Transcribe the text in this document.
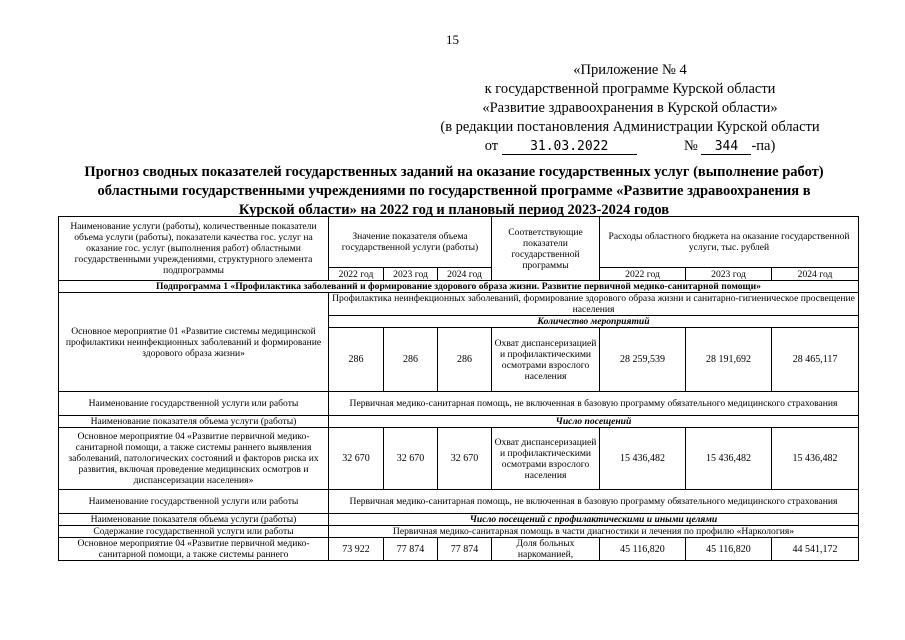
15
«Приложение № 4
к государственной программе Курской области
«Развитие здравоохранения в Курской области»
(в редакции постановления Администрации Курской области
от 31.03.2022	№ 344 -па)
Прогноз сводных показателей государственных заданий на оказание государственных услуг (выполнение работ)
областными государственными учреждениями по государственной программе «Развитие здравоохранения в
Курской области» на 2022 год и плановый период 2023-2024 годов
Наименование услуги (работы), количественные показатели объема услуги (работы), показатели качества гос. услуг на оказание гос. услуг (выполнения работ) областными государственными учреждениями, структурного элемента подпрограммы	Значение показателя объема государственной услуги (работы)			Соответствующие показатели государственной программы	Расходы областного бюджета на оказание государственной услуги, тыс. рублей		
	2022 год	2023 год	2024 год		2022 год	2023 год	2024 год
Подпрограмма 1 «Профилактика заболеваний и формирование здорового образа жизни. Развитие первичной медико-санитарной помощи»							
Основное мероприятие 01 «Развитие системы медицинской профилактики неинфекционных заболеваний и формирование здорового образа жизни»	Профилактика неинфекционных заболеваний, формирование здорового образа жизни и санитарно-гигиеническое просвещение населения						
	Количество мероприятий						
	286	286	286	Охват диспансеризацией и профилактическими осмотрами взрослого населения	28 259,539	28 191,692	28 465,117
Наименование государственной услуги или работы	Первичная медико-санитарная помощь, не включенная в базовую программу обязательного медицинского страхования						
Наименование показателя объема услуги (работы)	Число посещений						
Основное мероприятие 04 «Развитие первичной медико-санитарной помощи, а также системы раннего выявления заболеваний, патологических состояний и факторов риска их развития, включая проведение медицинских осмотров и диспансеризации населения»	32 670	32 670	32 670	Охват диспансеризацией и профилактическими осмотрами взрослого населения	15 436,482	15 436,482	15 436,482
Наименование государственной услуги или работы	Первичная медико-санитарная помощь, не включенная в базовую программу обязательного медицинского страхования						
Наименование показателя объема услуги (работы)	Число посещений с профилактическими и иными целями						
Содержание государственной услуги или работы	Первичная медико-санитарная помощь в части диагностики и лечения по профилю «Наркология»						
Основное мероприятие 04 «Развитие первичной медико-санитарной помощи, а также системы раннего	73 922	77 874	77 874	Доля больных наркоманией,	45 116,820	45 116,820	44 541,172
